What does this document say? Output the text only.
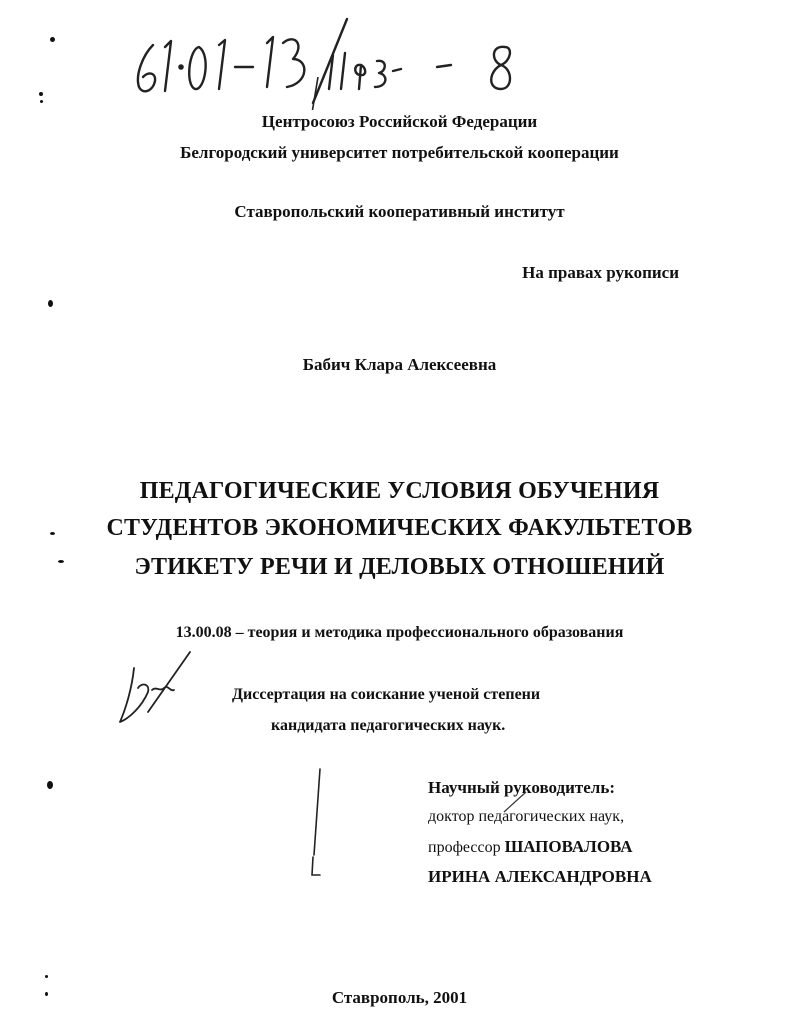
Центросоюз Российской Федерации
Белгородский университет потребительской кооперации
Ставропольский кооперативный институт
На правах рукописи
Бабич Клара Алексеевна
ПЕДАГОГИЧЕСКИЕ УСЛОВИЯ ОБУЧЕНИЯ
СТУДЕНТОВ ЭКОНОМИЧЕСКИХ ФАКУЛЬТЕТОВ
ЭТИКЕТУ РЕЧИ И ДЕЛОВЫХ ОТНОШЕНИЙ
13.00.08 – теория и методика профессионального образования
Диссертация на соискание ученой степени
кандидата педагогических наук.
Научный руководитель:
доктор педагогических наук,
профессор ШАПОВАЛОВА
ИРИНА АЛЕКСАНДРОВНА
Ставрополь, 2001
